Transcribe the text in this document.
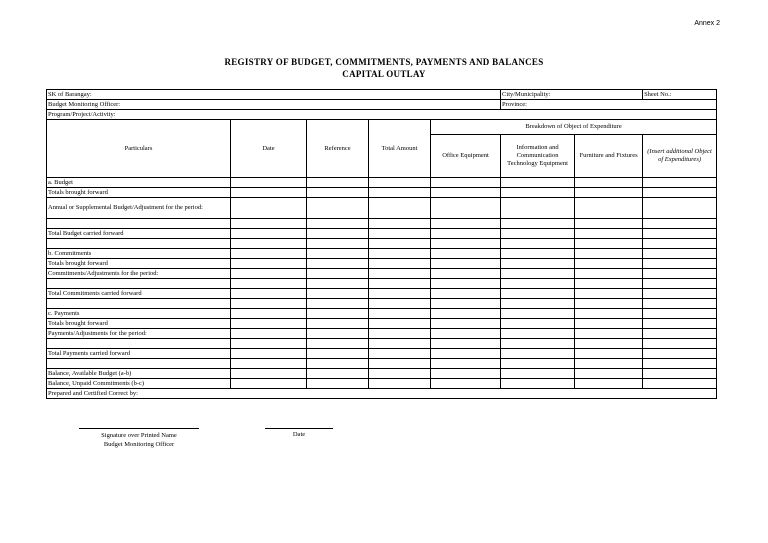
Annex 2
REGISTRY OF BUDGET, COMMITMENTS, PAYMENTS AND BALANCES
CAPITAL OUTLAY
SK of Barangay:					City/Municipality:		Sheet No.:
Budget Monitoring Officer:					Province:		
Program/Project/Activity:							
Particulars	Date	Reference	Total Amount	Breakdown of Object of Expenditure			
				Office Equipment	Information and Communication Technology Equipment	Furniture and Fixtures	(Insert additional Object of Expenditures)
a. Budget							
Totals brought forward							
Annual or Supplemental Budget/Adjustment for the period:							

Total Budget carried forward							

b. Commitments							
Totals brought forward							
Commitments/Adjustments for the period:							

Total Commitments carried forward							

c. Payments							
Totals brought forward							
Payments/Adjustments for the period:							

Total Payments carried forward							

Balance, Available Budget (a-b)							
Balance, Unpaid Commitments (b-c)							

Prepared and Certified Correct by:
Signature over Printed Name
Budget Monitoring Officer
Date							
